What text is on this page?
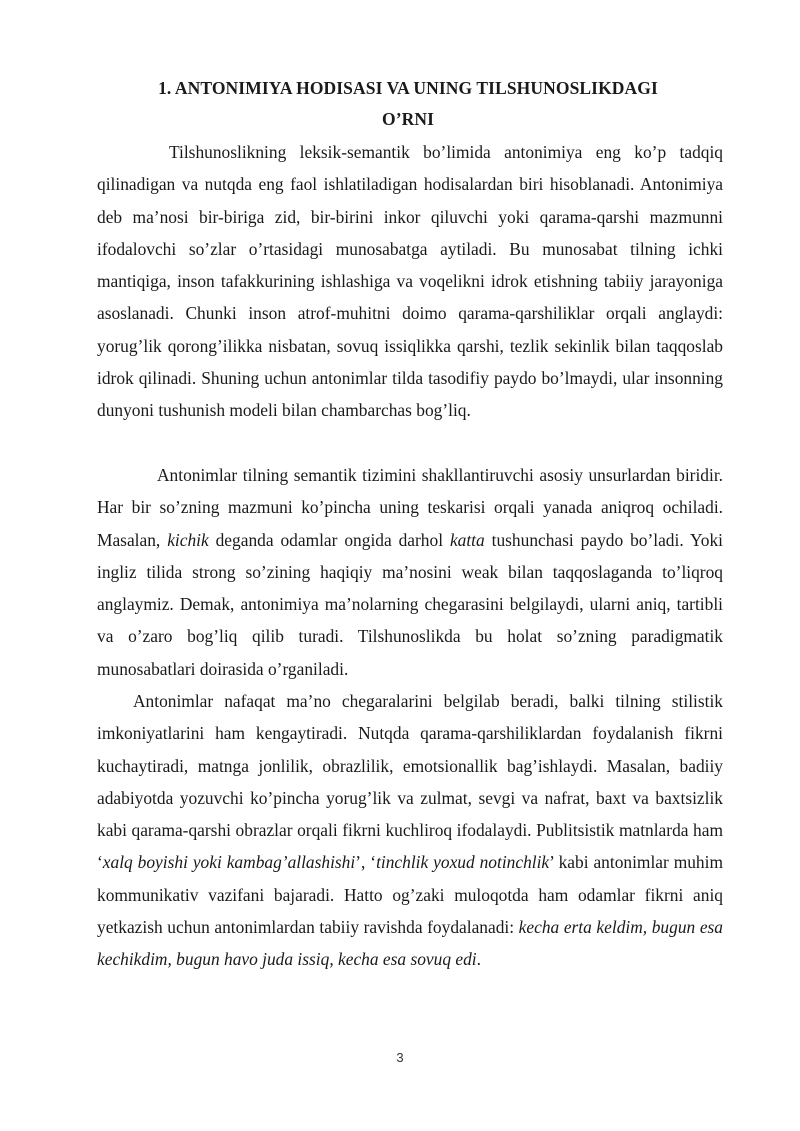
1. ANTONIMIYA HODISASI VA UNING TILSHUNOSLIKDAGI
O’RNI

Tilshunoslikning leksik-semantik bo’limida antonimiya eng ko’p tadqiq qilinadigan va nutqda eng faol ishlatiladigan hodisalardan biri hisoblanadi. Antonimiya deb ma’nosi bir-biriga zid, bir-birini inkor qiluvchi yoki qarama-qarshi mazmunni ifodalovchi so’zlar o’rtasidagi munosabatga aytiladi. Bu munosabat tilning ichki mantiqiga, inson tafakkurining ishlashiga va voqelikni idrok etishning tabiiy jarayoniga asoslanadi. Chunki inson atrof-muhitni doimo qarama-qarshiliklar orqali anglaydi: yorug’lik qorong’ilikka nisbatan, sovuq issiqlikka qarshi, tezlik sekinlik bilan taqqoslab idrok qilinadi. Shuning uchun antonimlar tilda tasodifiy paydo bo’lmaydi, ular insonning dunyoni tushunish modeli bilan chambarchas bog’liq.

Antonimlar tilning semantik tizimini shakllantiruvchi asosiy unsurlardan biridir. Har bir so’zning mazmuni ko’pincha uning teskarisi orqali yanada aniqroq ochiladi. Masalan, kichik deganda odamlar ongida darhol katta tushunchasi paydo bo’ladi. Yoki ingliz tilida strong so’zining haqiqiy ma’nosini weak bilan taqqoslaganda to’liqroq anglaymiz. Demak, antonimiya ma’nolarning chegarasini belgilaydi, ularni aniq, tartibli va o’zaro bog’liq qilib turadi. Tilshunoslikda bu holat so’zning paradigmatik munosabatlari doirasida o’rganiladi.

Antonimlar nafaqat ma’no chegaralarini belgilab beradi, balki tilning stilistik imkoniyatlarini ham kengaytiradi. Nutqda qarama-qarshiliklardan foydalanish fikrni kuchaytiradi, matnga jonlilik, obrazlilik, emotsionallik bag’ishlaydi. Masalan, badiiy adabiyotda yozuvchi ko’pincha yorug’lik va zulmat, sevgi va nafrat, baxt va baxtsizlik kabi qarama-qarshi obrazlar orqali fikrni kuchliroq ifodalaydi. Publitsistik matnlarda ham ‘xalq boyishi yoki kambag’allashishi’, ‘tinchlik yoxud notinchlik’ kabi antonimlar muhim kommunikativ vazifani bajaradi. Hatto og’zaki muloqotda ham odamlar fikrni aniq yetkazish uchun antonimlardan tabiiy ravishda foydalanadi: kecha erta keldim, bugun esa kechikdim, bugun havo juda issiq, kecha esa sovuq edi.

3
